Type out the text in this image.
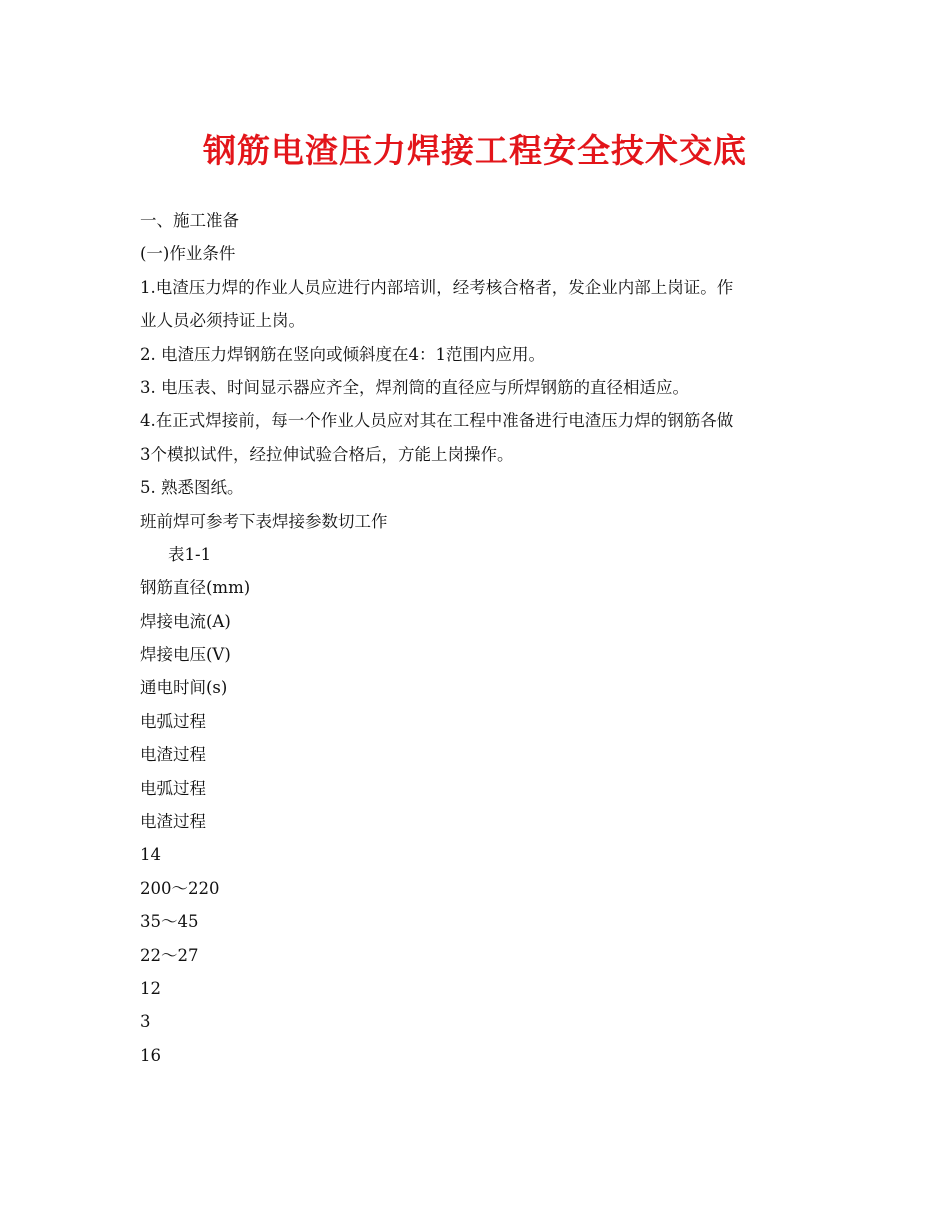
钢筋电渣压力焊接工程安全技术交底

一、施工准备

(一)作业条件

1.电渣压力焊的作业人员应进行内部培训，经考核合格者，发企业内部上岗证。作

业人员必须持证上岗。

2. 电渣压力焊钢筋在竖向或倾斜度在4：1范围内应用。

3. 电压表、时间显示器应齐全，焊剂筒的直径应与所焊钢筋的直径相适应。

4.在正式焊接前，每一个作业人员应对其在工程中准备进行电渣压力焊的钢筋各做

3个模拟试件，经拉伸试验合格后，方能上岗操作。

5. 熟悉图纸。

班前焊可参考下表焊接参数切工作

表1-1

钢筋直径(mm)

焊接电流(A)

焊接电压(V)

通电时间(s)

电弧过程

电渣过程

电弧过程

电渣过程

14

200～220

35～45

22～27

12

3

16
